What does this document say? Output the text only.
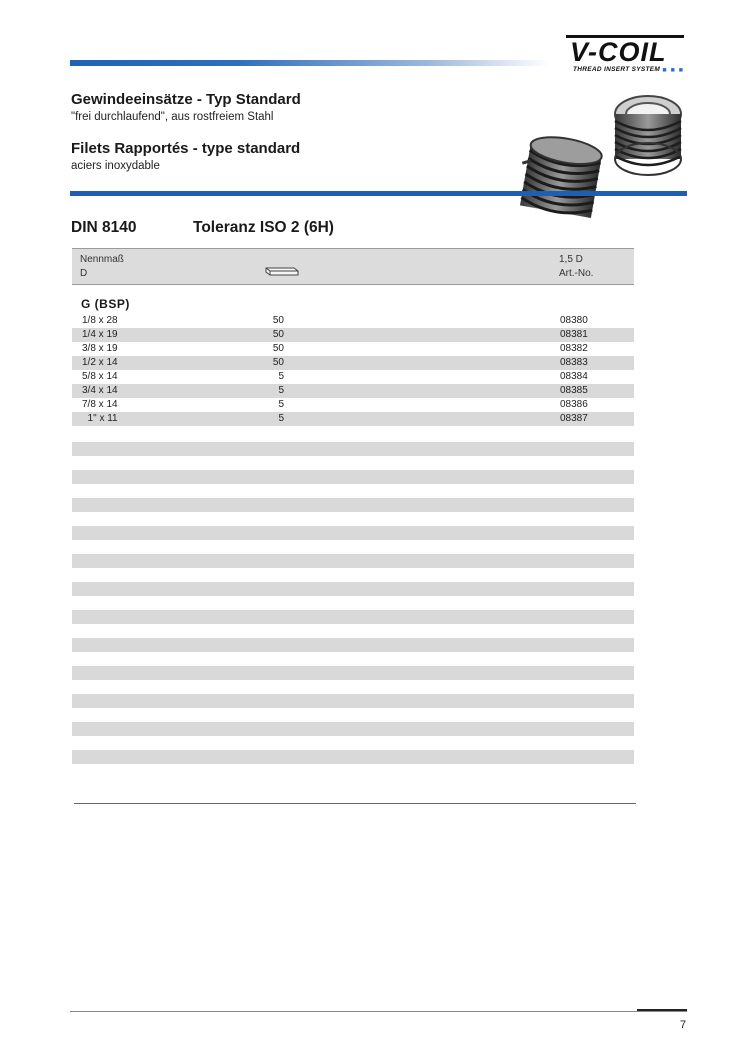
V-COIL
THREAD INSERT SYSTEM ■ ■ ■
Gewindeeinsätze - Typ Standard
"frei durchlaufend", aus rostfreiem Stahl
Filets Rapportés - type standard
aciers inoxydable
DIN 8140	Toleranz ISO 2 (6H)
Nennmaß
D
1,5 D
Art.-No.
G (BSP)
1/8 x 28	50	08380
1/4 x 19	50	08381
3/8 x 19	50	08382
1/2 x 14	50	08383
5/8 x 14	5	08384
3/4 x 14	5	08385
7/8 x 14	5	08386
1" x 11	5	08387
7
